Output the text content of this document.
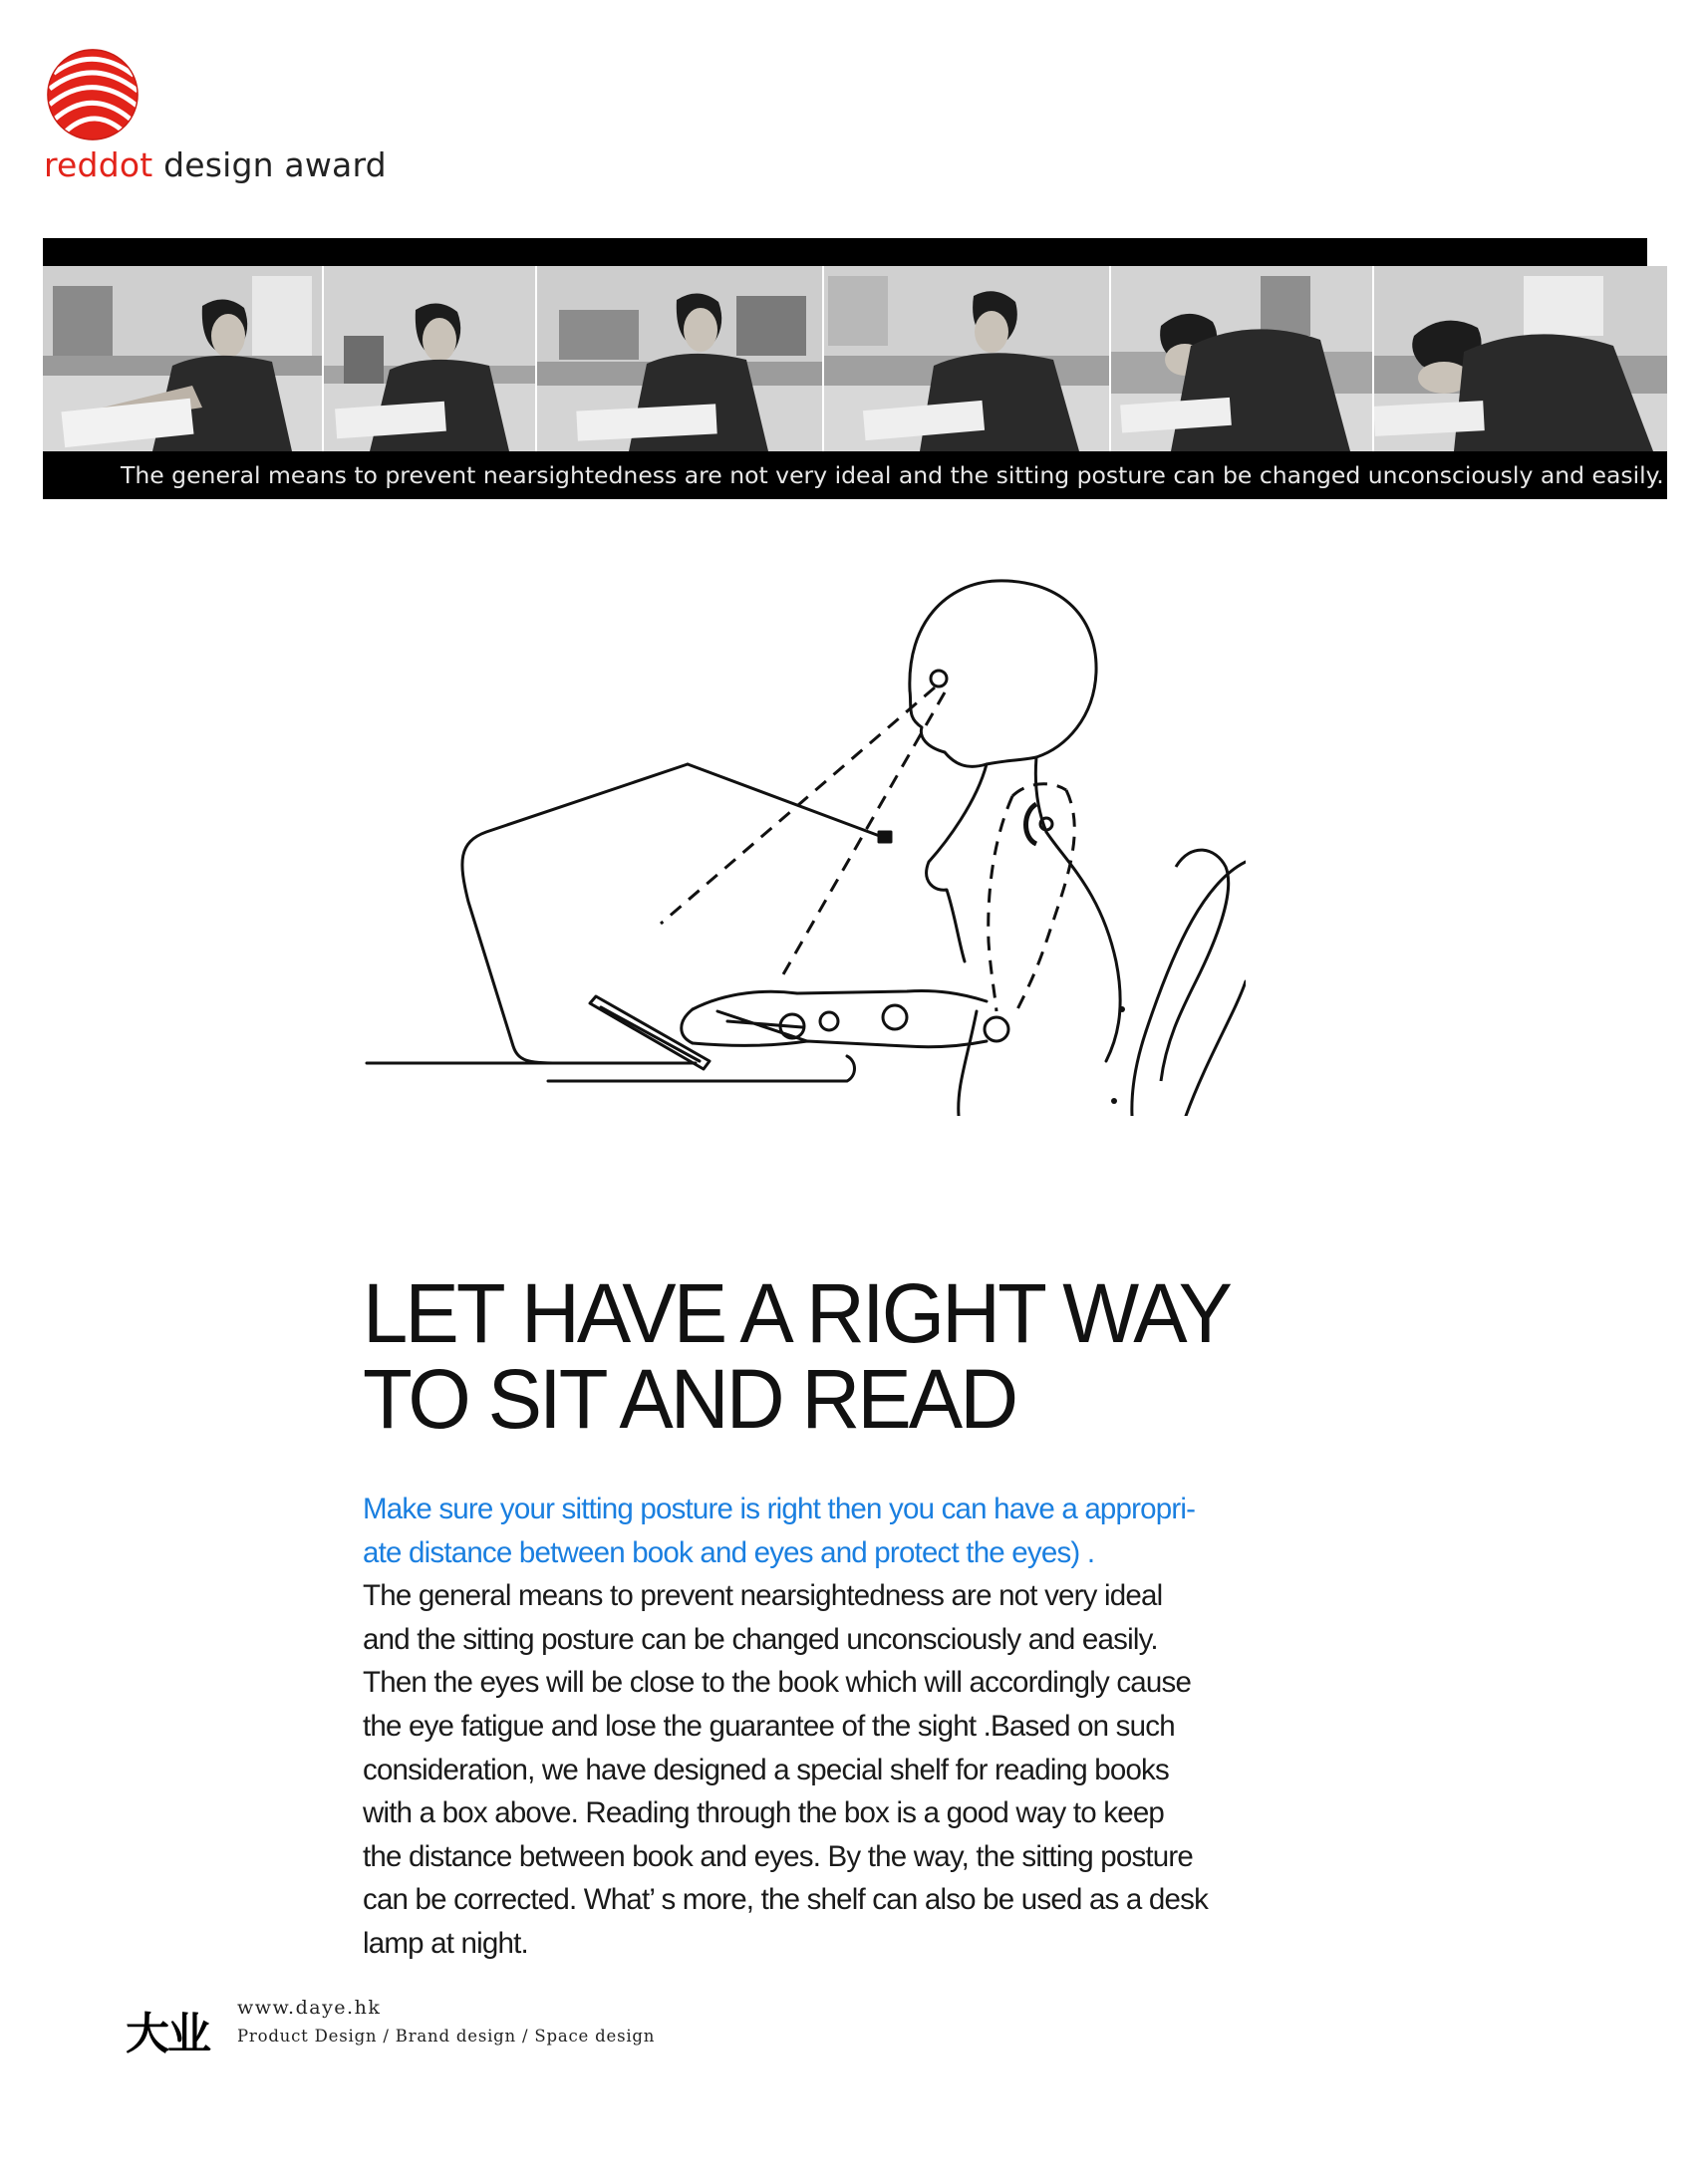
reddot design award
The general means to prevent nearsightedness are not very ideal and the sitting posture can be changed unconsciously and easily.
LET HAVE A RIGHT WAY
TO SIT AND READ
Make sure your sitting posture is right then you can have a appropri-
ate distance between book and eyes and protect the eyes) .
The general means to prevent nearsightedness are not very ideal
and the sitting posture can be changed unconsciously and easily.
Then the eyes will be close to the book which will accordingly cause
the eye fatigue and lose the guarantee of the sight .Based on such
consideration, we have designed a special shelf for reading books
with a box above. Reading through the box is a good way to keep
the distance between book and eyes. By the way, the sitting posture
can be corrected. What’ s more, the shelf can also be used as a desk
lamp at night.
大业
www.daye.hk
Product Design / Brand design / Space design
